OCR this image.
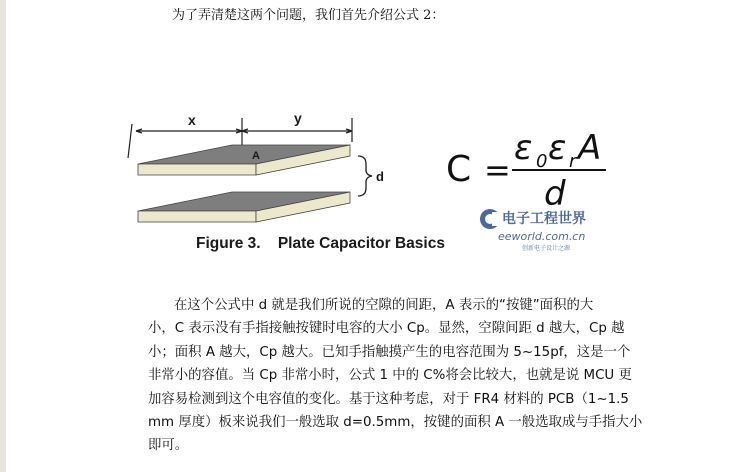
为了弄清楚这两个问题，我们首先介绍公式 2：
x	y
A
d
Figure 3.    Plate Capacitor Basics
C =
ε 0 ε r A
d
电子工程世界
eeworld.com.cn
创新电子设计之源

在这个公式中 d 就是我们所说的空隙的间距，A 表示的“按键”面积的大

小，C 表示没有手指接触按键时电容的大小 Cp。显然，空隙间距 d 越大，Cp 越

小；面积 A 越大，Cp 越大。已知手指触摸产生的电容范围为 5~15pf，这是一个

非常小的容值。当 Cp 非常小时，公式 1 中的 C%将会比较大，也就是说 MCU 更

加容易检测到这个电容值的变化。基于这种考虑，对于 FR4 材料的 PCB（1~1.5

mm 厚度）板来说我们一般选取 d=0.5mm，按键的面积 A 一般选取成与手指大小

即可。
